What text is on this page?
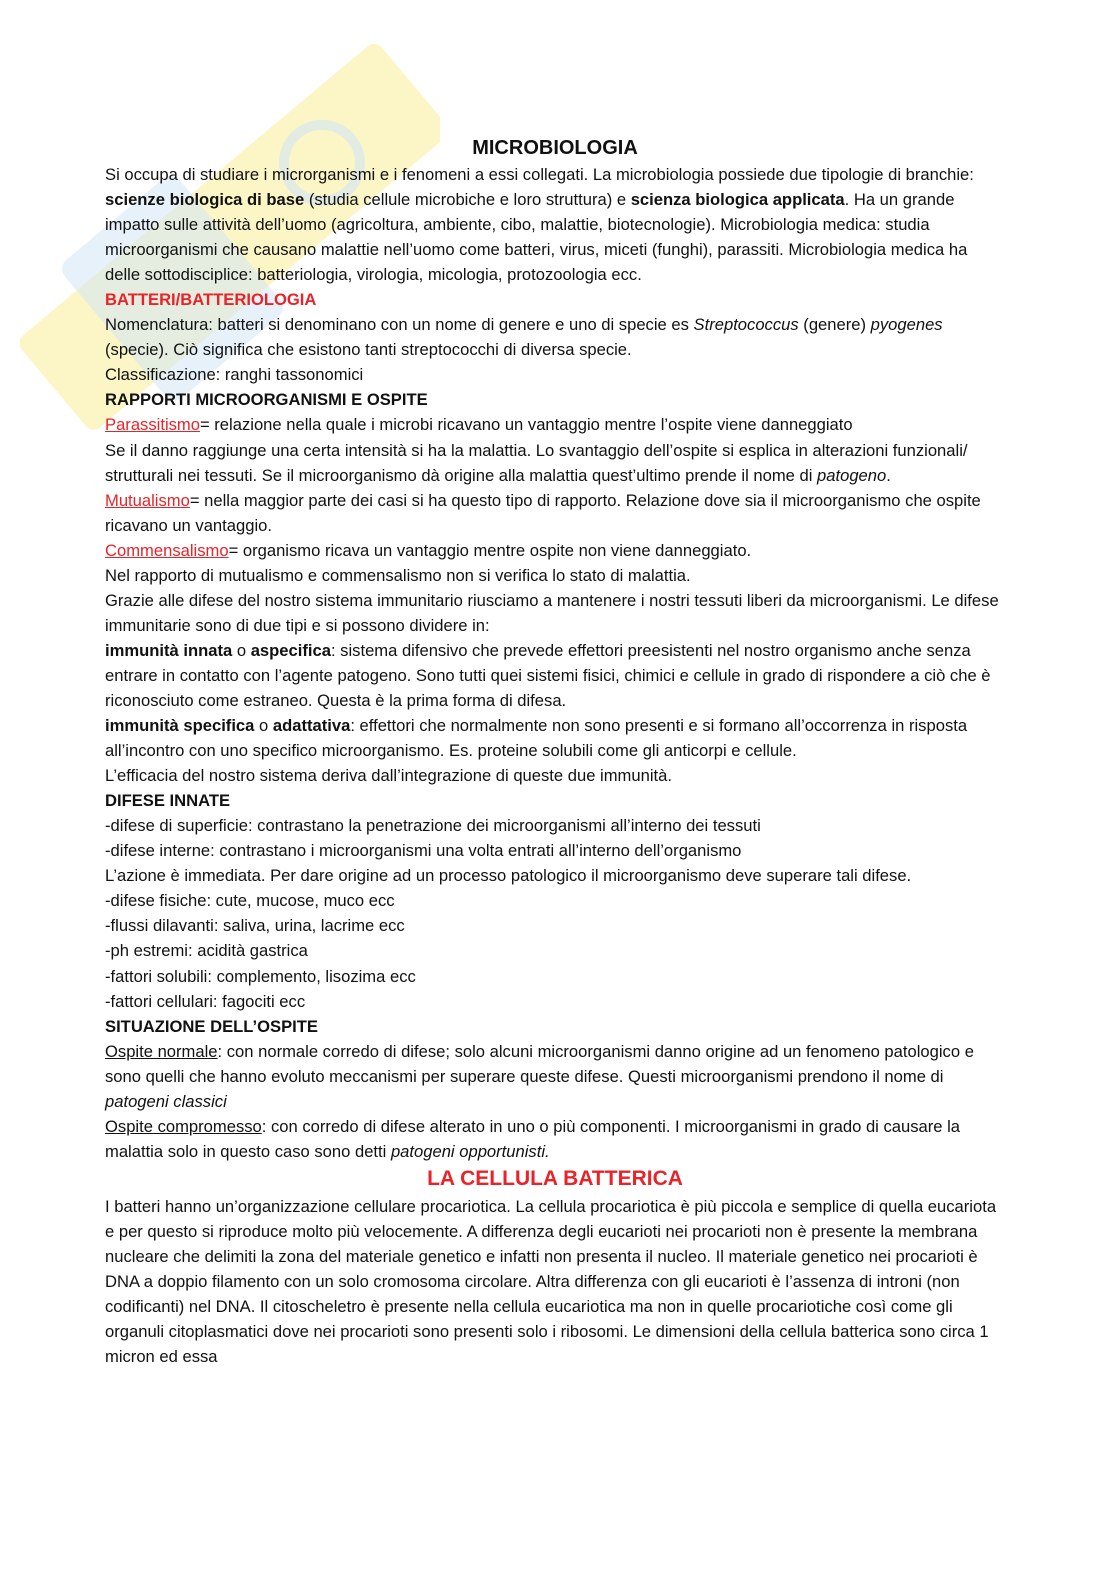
MICROBIOLOGIA

Si occupa di studiare i microrganismi e i fenomeni a essi collegati. La microbiologia possiede due tipologie di branchie: scienze biologica di base (studia cellule microbiche e loro struttura) e scienza biologica applicata. Ha un grande impatto sulle attività dell’uomo (agricoltura, ambiente, cibo, malattie, biotecnologie). Microbiologia medica: studia microorganismi che causano malattie nell’uomo come batteri, virus, miceti (funghi), parassiti. Microbiologia medica ha delle sottodisciplice: batteriologia, virologia, micologia, protozoologia ecc.

BATTERI/BATTERIOLOGIA

Nomenclatura: batteri si denominano con un nome di genere e uno di specie es Streptococcus (genere) pyogenes (specie). Ciò significa che esistono tanti streptococchi di diversa specie.

Classificazione: ranghi tassonomici

RAPPORTI MICROORGANISMI E OSPITE

Parassitismo= relazione nella quale i microbi ricavano un vantaggio mentre l’ospite viene danneggiato

Se il danno raggiunge una certa intensità si ha la malattia. Lo svantaggio dell’ospite si esplica in alterazioni funzionali/ strutturali nei tessuti. Se il microorganismo dà origine alla malattia quest’ultimo prende il nome di patogeno.

Mutualismo= nella maggior parte dei casi si ha questo tipo di rapporto. Relazione dove sia il microorganismo che ospite ricavano un vantaggio.

Commensalismo= organismo ricava un vantaggio mentre ospite non viene danneggiato.

Nel rapporto di mutualismo e commensalismo non si verifica lo stato di malattia.

Grazie alle difese del nostro sistema immunitario riusciamo a mantenere i nostri tessuti liberi da microorganismi. Le difese immunitarie sono di due tipi e si possono dividere in:

immunità innata o aspecifica: sistema difensivo che prevede effettori preesistenti nel nostro organismo anche senza entrare in contatto con l’agente patogeno. Sono tutti quei sistemi fisici, chimici e cellule in grado di rispondere a ciò che è riconosciuto come estraneo. Questa è la prima forma di difesa.

immunità specifica o adattativa: effettori che normalmente non sono presenti e si formano all’occorrenza in risposta all’incontro con uno specifico microorganismo. Es. proteine solubili come gli anticorpi e cellule.

L’efficacia del nostro sistema deriva dall’integrazione di queste due immunità.

DIFESE INNATE

-difese di superficie: contrastano la penetrazione dei microorganismi all’interno dei tessuti

-difese interne: contrastano i microorganismi una volta entrati all’interno dell’organismo

L’azione è immediata. Per dare origine ad un processo patologico il microorganismo deve superare tali difese.

-difese fisiche: cute, mucose, muco ecc

-flussi dilavanti: saliva, urina, lacrime ecc

-ph estremi: acidità gastrica

-fattori solubili: complemento, lisozima ecc

-fattori cellulari: fagociti ecc

SITUAZIONE DELL’OSPITE

Ospite normale: con normale corredo di difese; solo alcuni microorganismi danno origine ad un fenomeno patologico e sono quelli che hanno evoluto meccanismi per superare queste difese. Questi microorganismi prendono il nome di patogeni classici

Ospite compromesso: con corredo di difese alterato in uno o più componenti. I microorganismi in grado di causare la malattia solo in questo caso sono detti patogeni opportunisti.

LA CELLULA BATTERICA

I batteri hanno un’organizzazione cellulare procariotica. La cellula procariotica è più piccola e semplice di quella eucariota e per questo si riproduce molto più velocemente. A differenza degli eucarioti nei procarioti non è presente la membrana nucleare che delimiti la zona del materiale genetico e infatti non presenta il nucleo. Il materiale genetico nei procarioti è DNA a doppio filamento con un solo cromosoma circolare. Altra differenza con gli eucarioti è l’assenza di introni (non codificanti) nel DNA. Il citoscheletro è presente nella cellula eucariotica ma non in quelle procariotiche così come gli organuli citoplasmatici dove nei procarioti sono presenti solo i ribosomi. Le dimensioni della cellula batterica sono circa 1 micron ed essa
